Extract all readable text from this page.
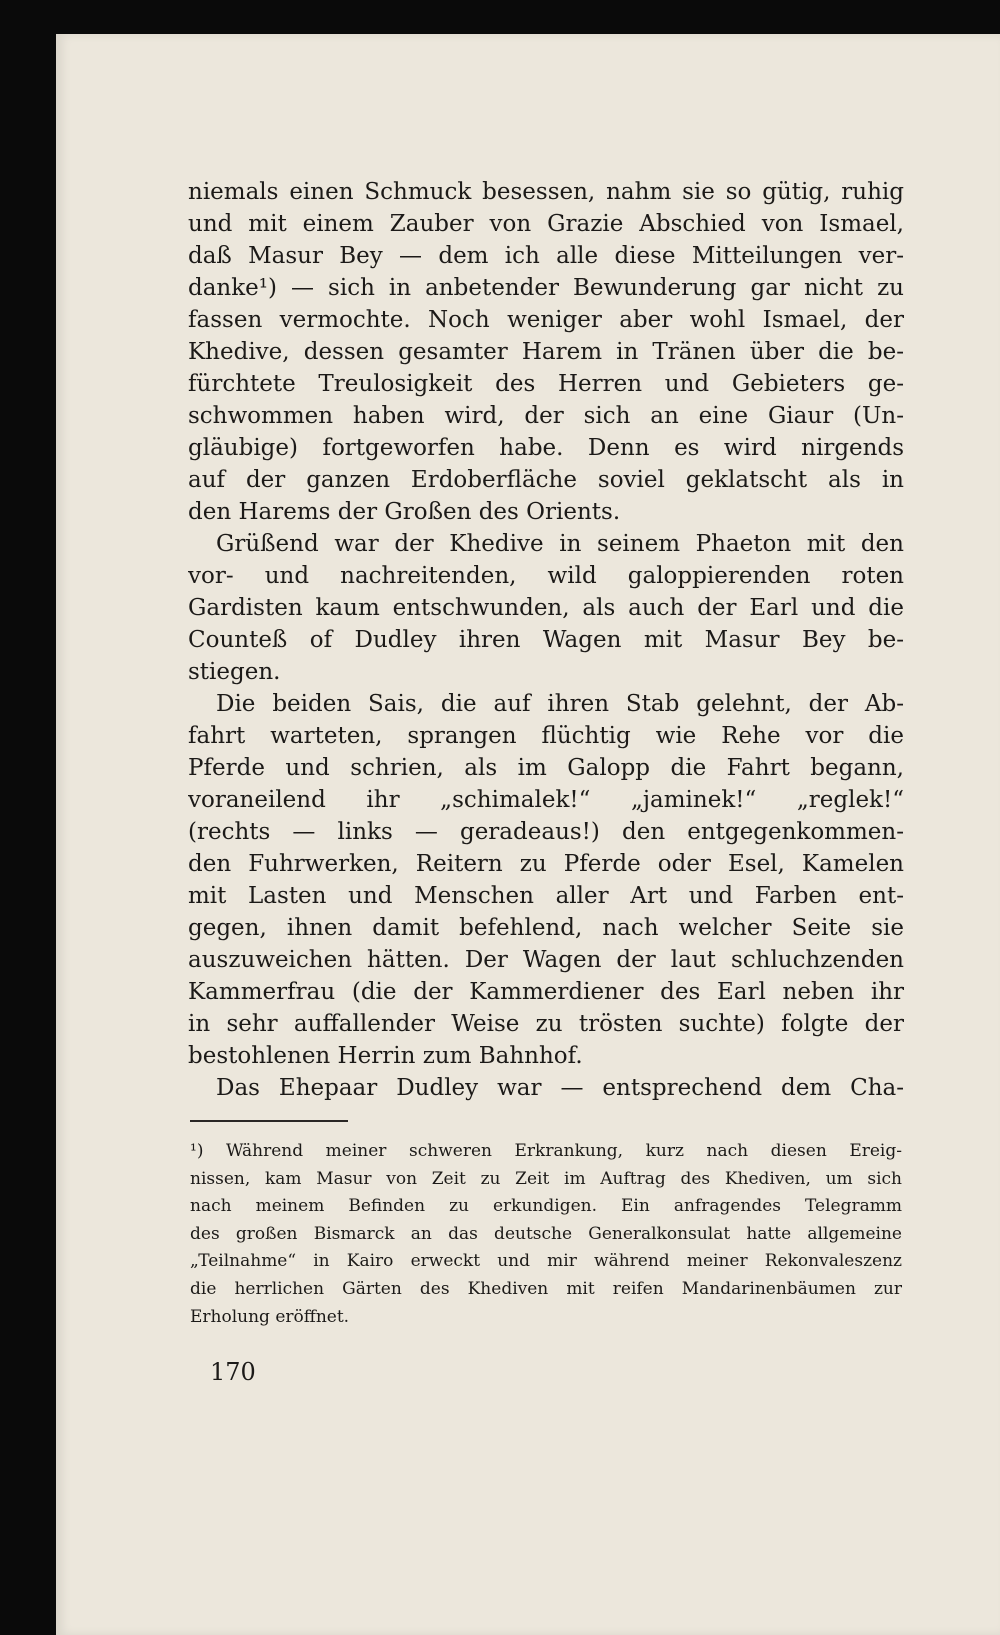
niemals einen Schmuck besessen, nahm sie so gütig, ruhig
und mit einem Zauber von Grazie Abschied von Ismael,
daß Masur Bey — dem ich alle diese Mitteilungen ver-
danke¹) — sich in anbetender Bewunderung gar nicht zu
fassen vermochte. Noch weniger aber wohl Ismael, der
Khedive, dessen gesamter Harem in Tränen über die be-
fürchtete Treulosigkeit des Herren und Gebieters ge-
schwommen haben wird, der sich an eine Giaur (Un-
gläubige) fortgeworfen habe. Denn es wird nirgends
auf der ganzen Erdoberfläche soviel geklatscht als in
den Harems der Großen des Orients.
Grüßend war der Khedive in seinem Phaeton mit den
vor- und nachreitenden, wild galoppierenden roten
Gardisten kaum entschwunden, als auch der Earl und die
Counteß of Dudley ihren Wagen mit Masur Bey be-
stiegen.
Die beiden Sais, die auf ihren Stab gelehnt, der Ab-
fahrt warteten, sprangen flüchtig wie Rehe vor die
Pferde und schrien, als im Galopp die Fahrt begann,
voraneilend ihr „schimalek!“ „jaminek!“ „reglek!“
(rechts — links — geradeaus!) den entgegenkommen-
den Fuhrwerken, Reitern zu Pferde oder Esel, Kamelen
mit Lasten und Menschen aller Art und Farben ent-
gegen, ihnen damit befehlend, nach welcher Seite sie
auszuweichen hätten. Der Wagen der laut schluchzenden
Kammerfrau (die der Kammerdiener des Earl neben ihr
in sehr auffallender Weise zu trösten suchte) folgte der
bestohlenen Herrin zum Bahnhof.
Das Ehepaar Dudley war — entsprechend dem Cha-
¹) Während meiner schweren Erkrankung, kurz nach diesen Ereig-
nissen, kam Masur von Zeit zu Zeit im Auftrag des Khediven, um sich
nach meinem Befinden zu erkundigen. Ein anfragendes Telegramm
des großen Bismarck an das deutsche Generalkonsulat hatte allgemeine
„Teilnahme“ in Kairo erweckt und mir während meiner Rekonvaleszenz
die herrlichen Gärten des Khediven mit reifen Mandarinenbäumen zur
Erholung eröffnet.
170
